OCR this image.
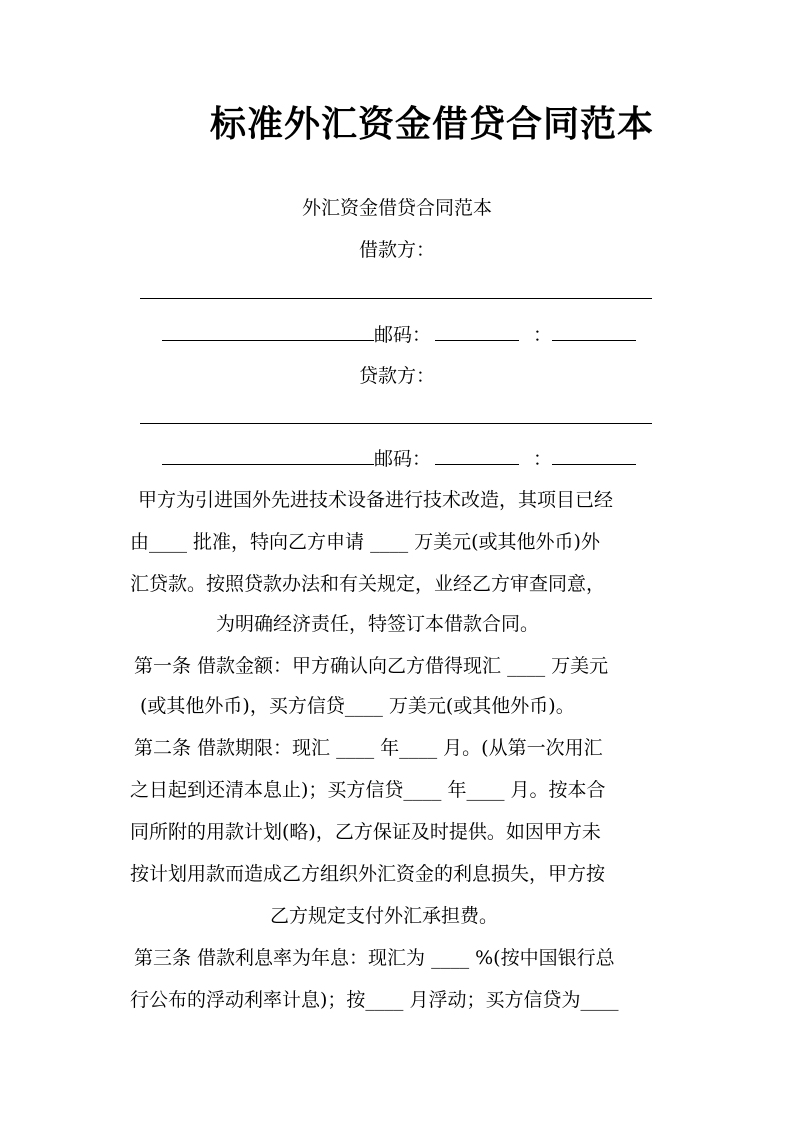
标准外汇资金借贷合同范本
外汇资金借贷合同范本
借款方：
邮码：	：
贷款方：
邮码：	：
甲方为引进国外先进技术设备进行技术改造，其项目已经
由____ 批准，特向乙方申请 ____ 万美元(或其他外币)外
汇贷款。按照贷款办法和有关规定，业经乙方审查同意，
为明确经济责任，特签订本借款合同。
第一条 借款金额：甲方确认向乙方借得现汇 ____ 万美元
(或其他外币)，买方信贷____ 万美元(或其他外币)。
第二条 借款期限：现汇 ____ 年____ 月。(从第一次用汇
之日起到还清本息止)；买方信贷____ 年____ 月。按本合
同所附的用款计划(略)，乙方保证及时提供。如因甲方未
按计划用款而造成乙方组织外汇资金的利息损失，甲方按
乙方规定支付外汇承担费。
第三条 借款利息率为年息：现汇为 ____ %(按中国银行总
行公布的浮动利率计息)；按____ 月浮动；买方信贷为____
